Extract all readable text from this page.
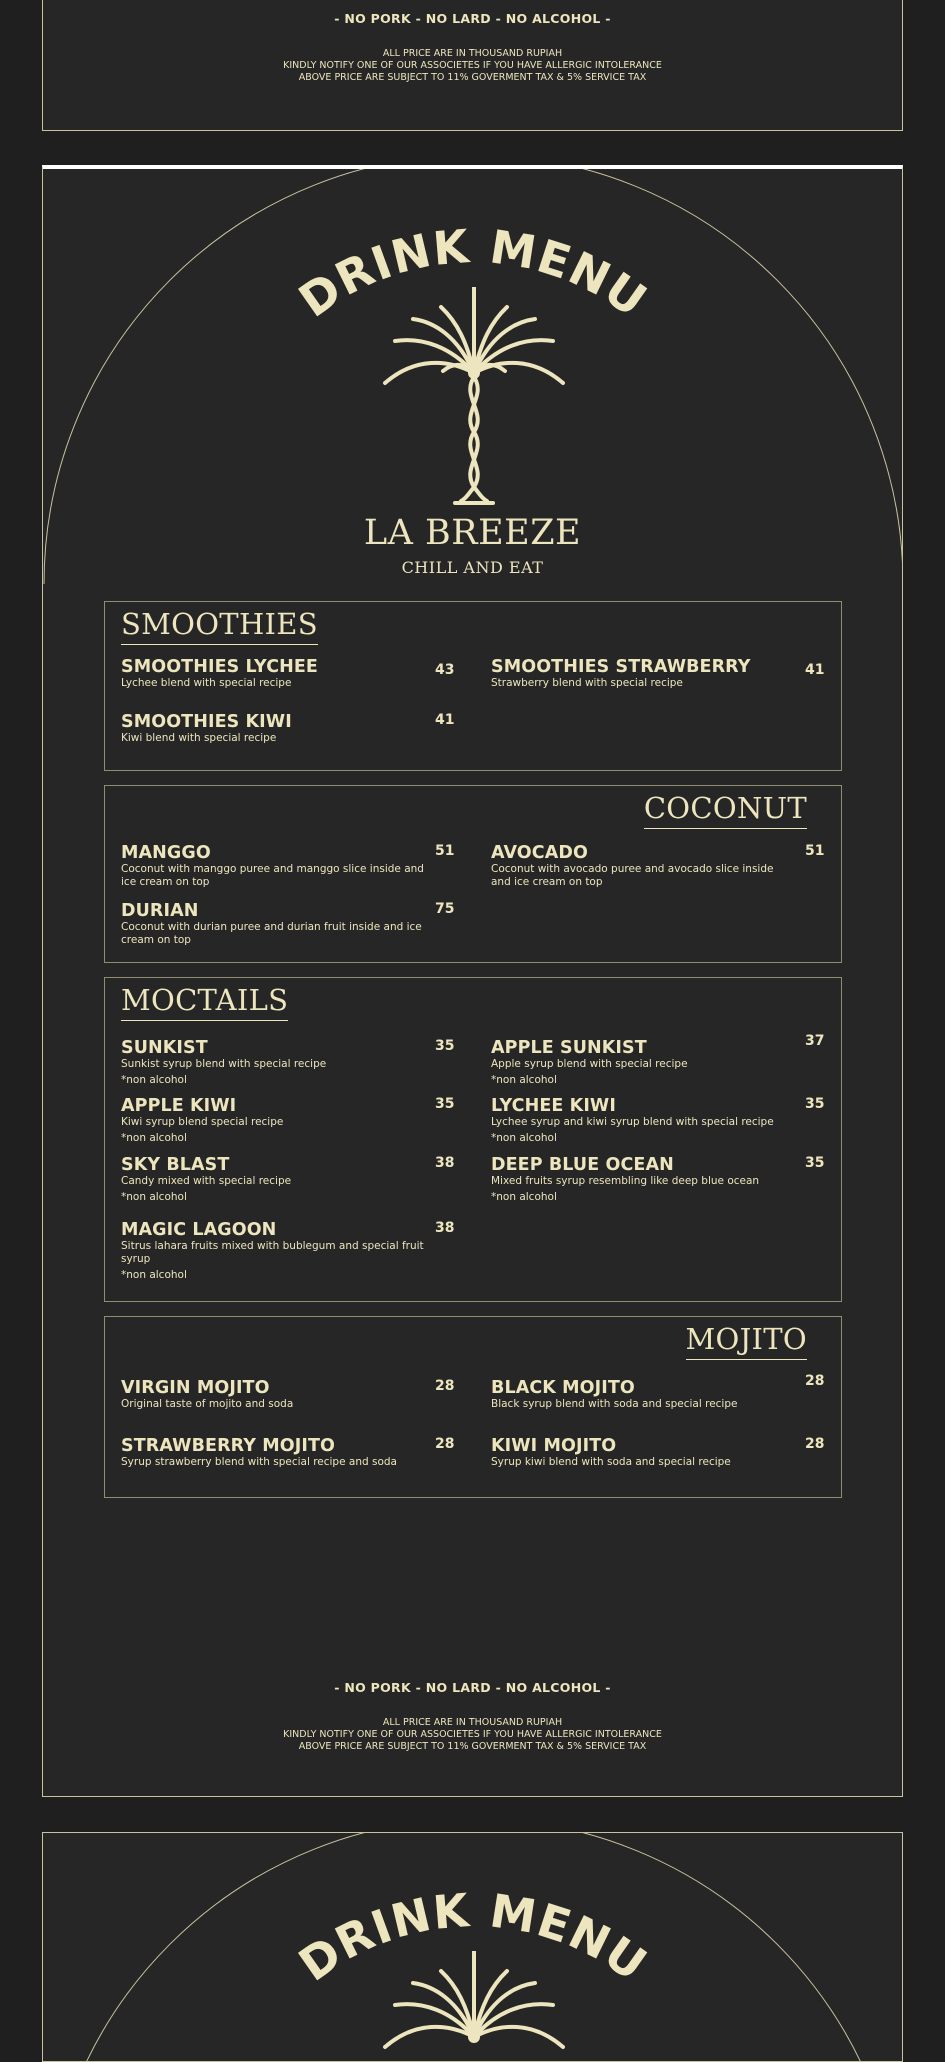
- NO PORK - NO LARD - NO ALCOHOL -
ALL PRICE ARE IN THOUSAND RUPIAH
KINDLY NOTIFY ONE OF OUR ASSOCIETES IF YOU HAVE ALLERGIC INTOLERANCE
ABOVE PRICE ARE SUBJECT TO 11% GOVERMENT TAX & 5% SERVICE TAX
DRINK MENU
LA BREEZE
CHILL AND EAT
SMOOTHIES
SMOOTHIES LYCHEE
Lychee blend with special recipe
43 SMOOTHIES STRAWBERRY
Strawberry blend with special recipe
41
SMOOTHIES KIWI
Kiwi blend with special recipe
41
COCONUT
MANGGO
Coconut with manggo puree and manggo slice inside and ice cream on top
51 AVOCADO
Coconut with avocado puree and avocado slice inside and ice cream on top
51
DURIAN
Coconut with durian puree and durian fruit inside and ice cream on top
75
MOCTAILS
SUNKIST
Sunkist syrup blend with special recipe
*non alcohol
35 APPLE SUNKIST
Apple syrup blend with special recipe
*non alcohol
37
APPLE KIWI
Kiwi syrup blend special recipe
*non alcohol
35 LYCHEE KIWI
Lychee syrup and kiwi syrup blend with special recipe
*non alcohol
35
SKY BLAST
Candy mixed with special recipe
*non alcohol
38 DEEP BLUE OCEAN
Mixed fruits syrup resembling like deep blue ocean
*non alcohol
35
MAGIC LAGOON
Sitrus lahara fruits mixed with bublegum and special fruit syrup
*non alcohol
38
MOJITO
VIRGIN MOJITO
Original taste of mojito and soda
28 BLACK MOJITO
Black syrup blend with soda and special recipe
28
STRAWBERRY MOJITO
Syrup strawberry blend with special recipe and soda
28 KIWI MOJITO
Syrup kiwi blend with soda and special recipe
28
- NO PORK - NO LARD - NO ALCOHOL -
ALL PRICE ARE IN THOUSAND RUPIAH
KINDLY NOTIFY ONE OF OUR ASSOCIETES IF YOU HAVE ALLERGIC INTOLERANCE
ABOVE PRICE ARE SUBJECT TO 11% GOVERMENT TAX & 5% SERVICE TAX
DRINK MENU
